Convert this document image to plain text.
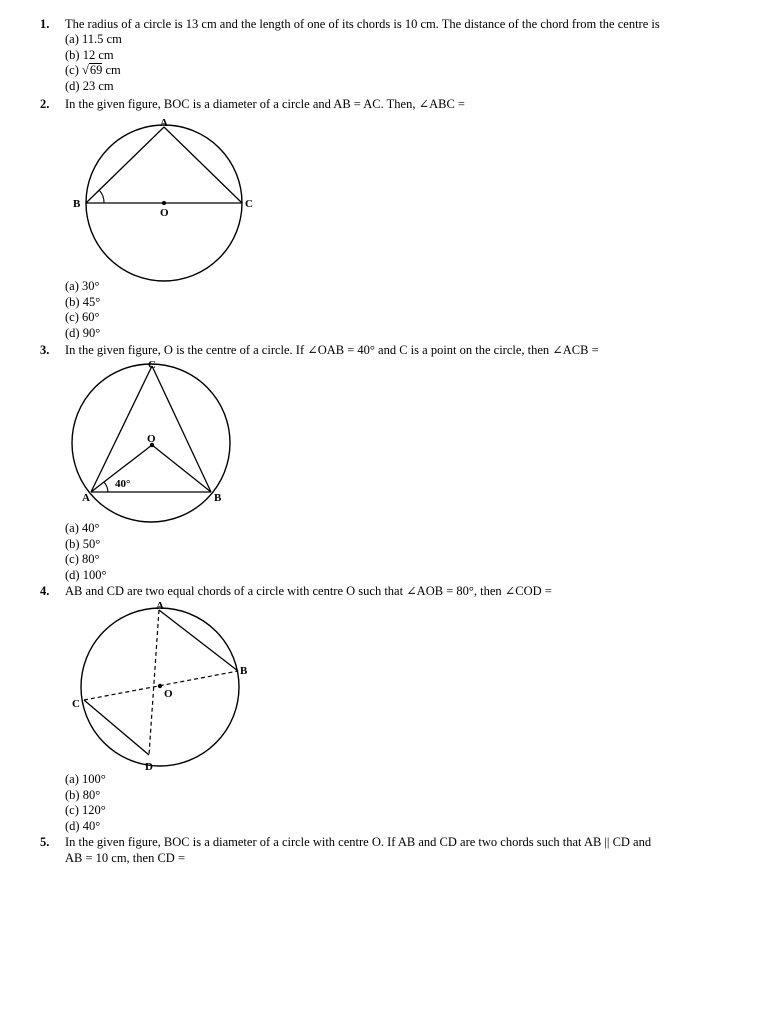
1.	The radius of a circle is 13 cm and the length of one of its chords is 10 cm. The distance of the chord from the centre is
(a) 11.5 cm
(b) 12 cm
(c) √69 cm
(d) 23 cm
2.	In the given figure, BOC is a diameter of a circle and AB = AC. Then, ∠ABC =
A
B	C
O
(a) 30°
(b) 45°
(c) 60°
(d) 90°
3.	In the given figure, O is the centre of a circle. If ∠OAB = 40° and C is a point on the circle, then ∠ACB =
C
O
A	B
40°
(a) 40°
(b) 50°
(c) 80°
(d) 100°
4.	AB and CD are two equal chords of a circle with centre O such that ∠AOB = 80°, then ∠COD =
A
B
C
D
O
(a) 100°
(b) 80°
(c) 120°
(d) 40°
5.	In the given figure, BOC is a diameter of a circle with centre O. If AB and CD are two chords such that AB || CD and
AB = 10 cm, then CD =
